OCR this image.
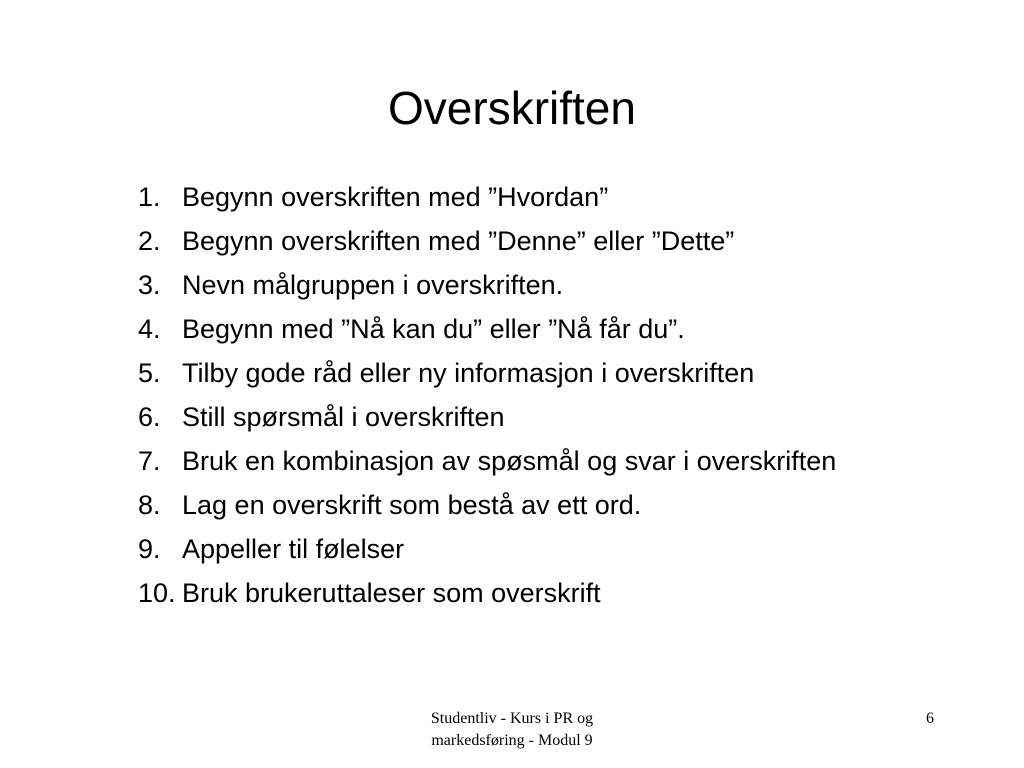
Overskriften
1. Begynn overskriften med ”Hvordan”
2. Begynn overskriften med ”Denne” eller ”Dette”
3. Nevn målgruppen i overskriften.
4. Begynn med ”Nå kan du” eller ”Nå får du”.
5. Tilby gode råd eller ny informasjon i overskriften
6. Still spørsmål i overskriften
7. Bruk en kombinasjon av spøsmål og svar i overskriften
8. Lag en overskrift som bestå av ett ord.
9. Appeller til følelser
10. Bruk brukeruttaleser som overskrift
Studentliv - Kurs i PR og
markedsføring - Modul 9
6
